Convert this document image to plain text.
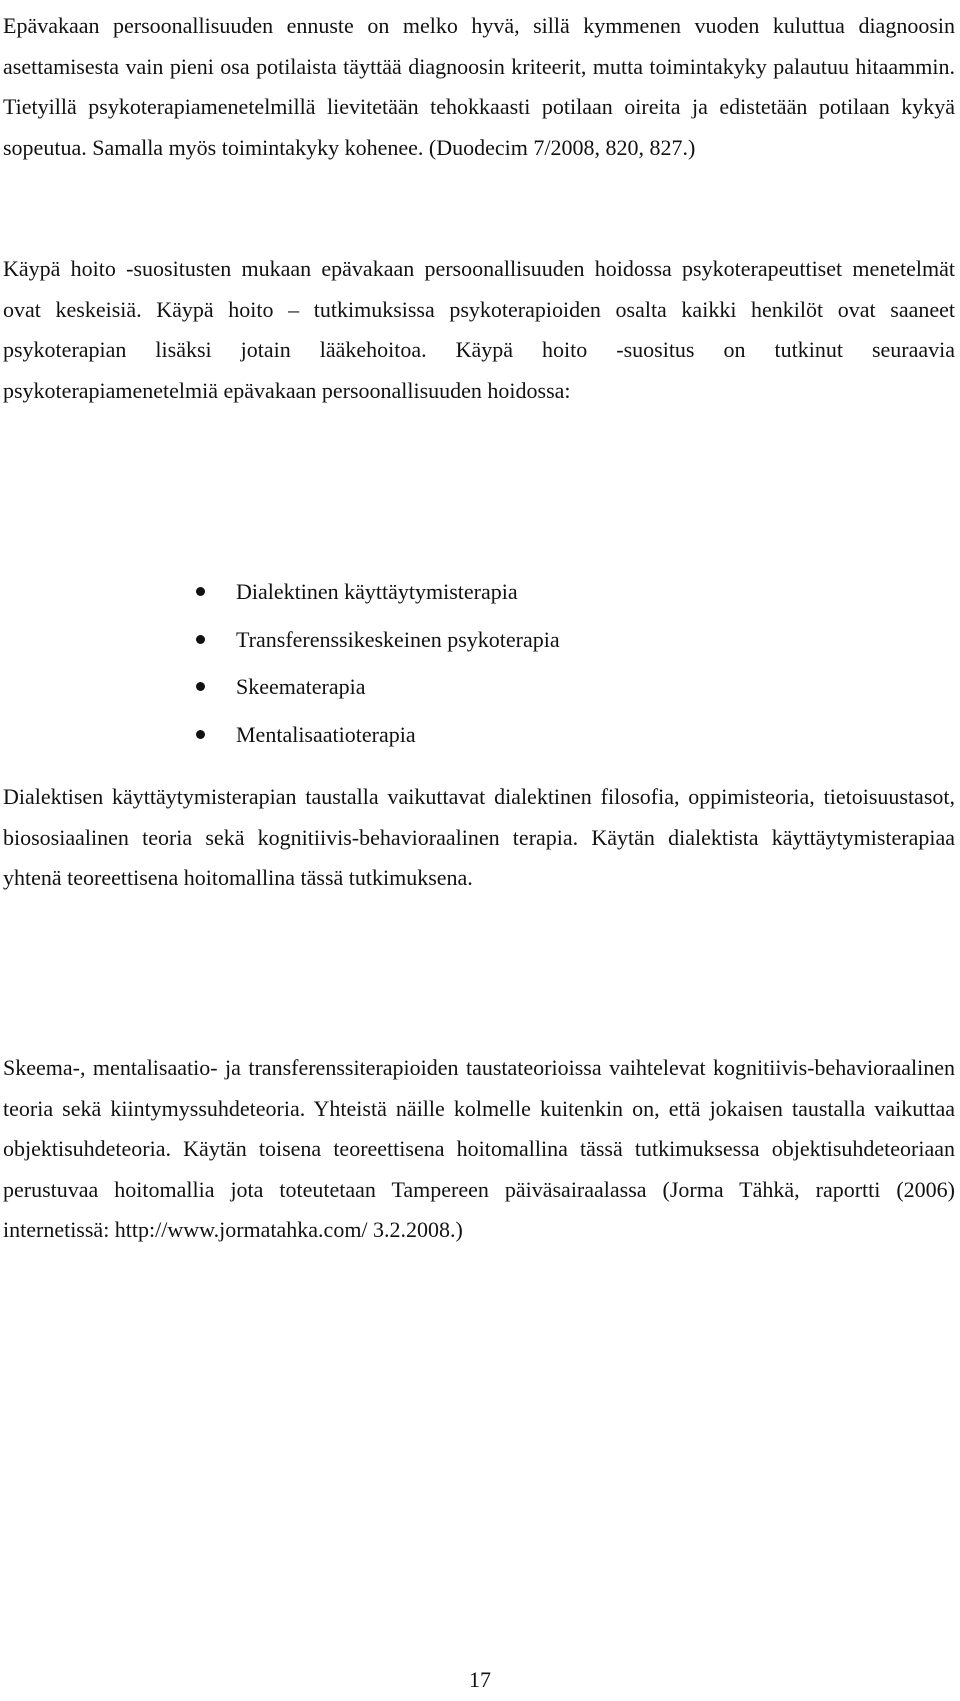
Epävakaan persoonallisuuden ennuste on melko hyvä, sillä kymmenen vuoden kuluttua diagnoosin asettamisesta vain pieni osa potilaista täyttää diagnoosin kriteerit, mutta toimintakyky palautuu hitaammin. Tietyillä psykoterapiamenetelmillä lievitetään tehokkaasti potilaan oireita ja edistetään potilaan kykyä sopeutua. Samalla myös toimintakyky kohenee. (Duodecim 7/2008, 820, 827.)

Käypä hoito -suositusten mukaan epävakaan persoonallisuuden hoidossa psykoterapeuttiset menetelmät ovat keskeisiä. Käypä hoito – tutkimuksissa psykoterapioiden osalta kaikki henkilöt ovat saaneet psykoterapian lisäksi jotain lääkehoitoa. Käypä hoito -suositus on tutkinut seuraavia psykoterapiamenetelmiä epävakaan persoonallisuuden hoidossa:

Dialektinen käyttäytymisterapia
Transferenssikeskeinen psykoterapia
Skeematerapia
Mentalisaatioterapia

Dialektisen käyttäytymisterapian taustalla vaikuttavat dialektinen filosofia, oppimisteoria, tietoisuustasot, biososiaalinen teoria sekä kognitiivis-behavioraalinen terapia. Käytän dialektista käyttäytymisterapiaa yhtenä teoreettisena hoitomallina tässä tutkimuksena.

Skeema-, mentalisaatio- ja transferenssiterapioiden taustateorioissa vaihtelevat kognitiivis-behavioraalinen teoria sekä kiintymyssuhdeteoria. Yhteistä näille kolmelle kuitenkin on, että jokaisen taustalla vaikuttaa objektisuhdeteoria. Käytän toisena teoreettisena hoitomallina tässä tutkimuksessa objektisuhdeteoriaan perustuvaa hoitomallia jota toteutetaan Tampereen päiväsairaalassa (Jorma Tähkä, raportti (2006) internetissä: http://www.jormatahka.com/ 3.2.2008.)

17
